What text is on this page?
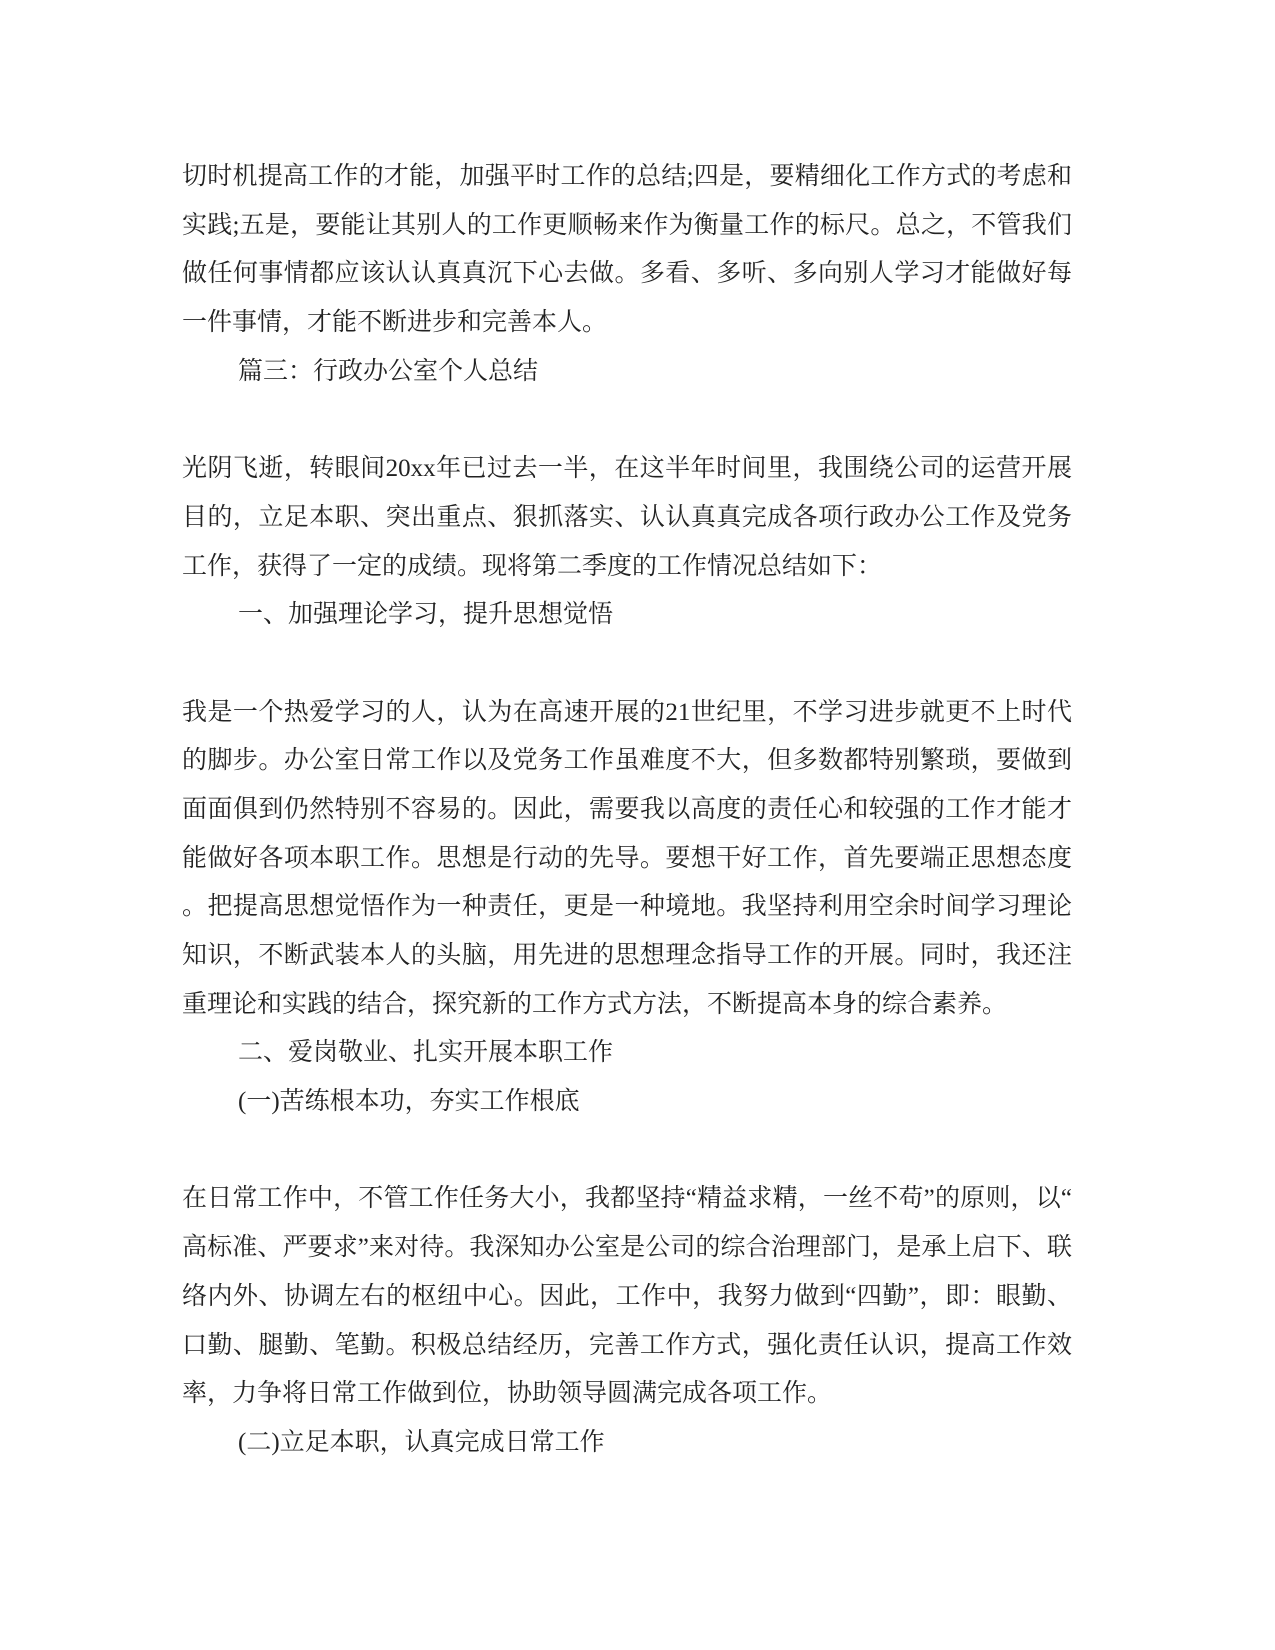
切时机提高工作的才能，加强平时工作的总结;四是，要精细化工作方式的考虑和
实践;五是，要能让其别人的工作更顺畅来作为衡量工作的标尺。总之，不管我们
做任何事情都应该认认真真沉下心去做。多看、多听、多向别人学习才能做好每
一件事情，才能不断进步和完善本人。
篇三：行政办公室个人总结
光阴飞逝，转眼间20xx年已过去一半，在这半年时间里，我围绕公司的运营开展
目的，立足本职、突出重点、狠抓落实、认认真真完成各项行政办公工作及党务
工作，获得了一定的成绩。现将第二季度的工作情况总结如下：
一、加强理论学习，提升思想觉悟
我是一个热爱学习的人，认为在高速开展的21世纪里，不学习进步就更不上时代
的脚步。办公室日常工作以及党务工作虽难度不大，但多数都特别繁琐，要做到
面面俱到仍然特别不容易的。因此，需要我以高度的责任心和较强的工作才能才
能做好各项本职工作。思想是行动的先导。要想干好工作，首先要端正思想态度
。把提高思想觉悟作为一种责任，更是一种境地。我坚持利用空余时间学习理论
知识，不断武装本人的头脑，用先进的思想理念指导工作的开展。同时，我还注
重理论和实践的结合，探究新的工作方式方法，不断提高本身的综合素养。
二、爱岗敬业、扎实开展本职工作
(一)苦练根本功，夯实工作根底
在日常工作中，不管工作任务大小，我都坚持“精益求精，一丝不苟”的原则，以“
高标准、严要求”来对待。我深知办公室是公司的综合治理部门，是承上启下、联
络内外、协调左右的枢纽中心。因此，工作中，我努力做到“四勤”，即：眼勤、
口勤、腿勤、笔勤。积极总结经历，完善工作方式，强化责任认识，提高工作效
率，力争将日常工作做到位，协助领导圆满完成各项工作。
(二)立足本职，认真完成日常工作
